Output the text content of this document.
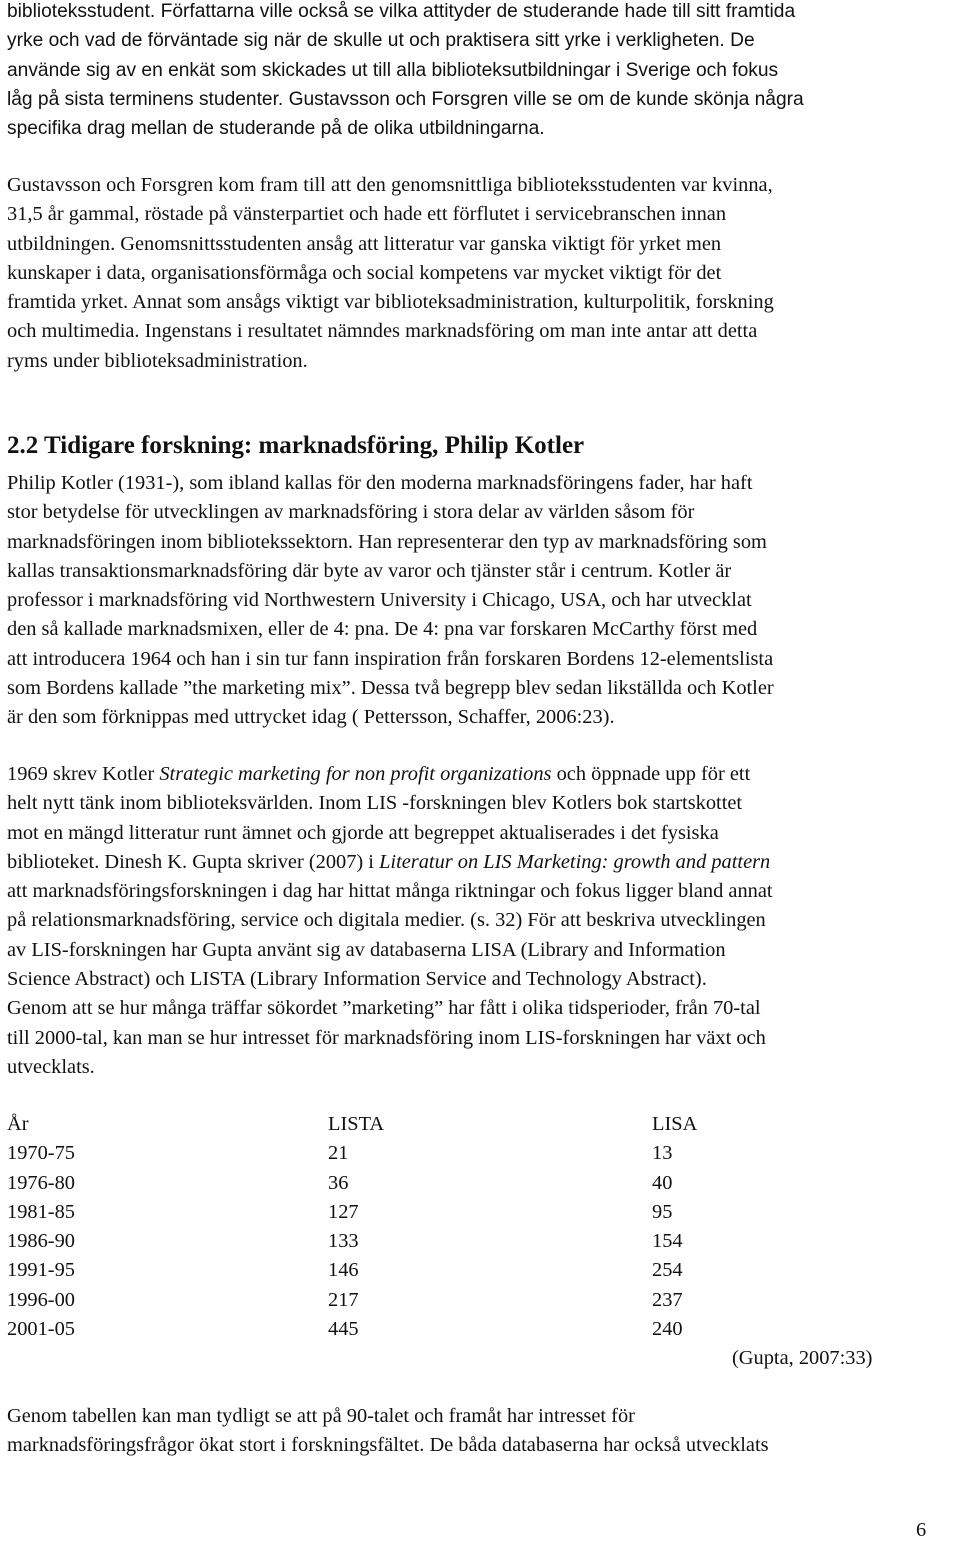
biblioteksstudent. Författarna ville också se vilka attityder de studerande hade till sitt framtida
yrke och vad de förväntade sig när de skulle ut och praktisera sitt yrke i verkligheten. De
använde sig av en enkät som skickades ut till alla biblioteksutbildningar i Sverige och fokus
låg på sista terminens studenter. Gustavsson och Forsgren ville se om de kunde skönja några
specifika drag mellan de studerande på de olika utbildningarna.

Gustavsson och Forsgren kom fram till att den genomsnittliga biblioteksstudenten var kvinna,
31,5 år gammal, röstade på vänsterpartiet och hade ett förflutet i servicebranschen innan
utbildningen. Genomsnittsstudenten ansåg att litteratur var ganska viktigt för yrket men
kunskaper i data, organisationsförmåga och social kompetens var mycket viktigt för det
framtida yrket. Annat som ansågs viktigt var biblioteksadministration, kulturpolitik, forskning
och multimedia. Ingenstans i resultatet nämndes marknadsföring om man inte antar att detta
ryms under biblioteksadministration.

2.2 Tidigare forskning: marknadsföring, Philip Kotler

Philip Kotler (1931-), som ibland kallas för den moderna marknadsföringens fader, har haft
stor betydelse för utvecklingen av marknadsföring i stora delar av världen såsom för
marknadsföringen inom bibliotekssektorn. Han representerar den typ av marknadsföring som
kallas transaktionsmarknadsföring där byte av varor och tjänster står i centrum. Kotler är
professor i marknadsföring vid Northwestern University i Chicago, USA, och har utvecklat
den så kallade marknadsmixen, eller de 4: pna. De 4: pna var forskaren McCarthy först med
att introducera 1964 och han i sin tur fann inspiration från forskaren Bordens 12-elementslista
som Bordens kallade ”the marketing mix”. Dessa två begrepp blev sedan likställda och Kotler
är den som förknippas med uttrycket idag ( Pettersson, Schaffer, 2006:23).

1969 skrev Kotler Strategic marketing for non profit organizations och öppnade upp för ett
helt nytt tänk inom biblioteksvärlden. Inom LIS -forskningen blev Kotlers bok startskottet
mot en mängd litteratur runt ämnet och gjorde att begreppet aktualiserades i det fysiska
biblioteket. Dinesh K. Gupta skriver (2007) i Literatur on LIS Marketing: growth and pattern
att marknadsföringsforskningen i dag har hittat många riktningar och fokus ligger bland annat
på relationsmarknadsföring, service och digitala medier. (s. 32) För att beskriva utvecklingen
av LIS-forskningen har Gupta använt sig av databaserna LISA (Library and Information
Science Abstract) och LISTA (Library Information Service and Technology Abstract).
Genom att se hur många träffar sökordet ”marketing” har fått i olika tidsperioder, från 70-tal
till 2000-tal, kan man se hur intresset för marknadsföring inom LIS-forskningen har växt och
utvecklats.

År	LISTA	LISA
1970-75	21	13
1976-80	36	40
1981-85	127	95
1986-90	133	154
1991-95	146	254
1996-00	217	237
2001-05	445	240
(Gupta, 2007:33)

Genom tabellen kan man tydligt se att på 90-talet och framåt har intresset för
marknadsföringsfrågor ökat stort i forskningsfältet. De båda databaserna har också utvecklats

6
